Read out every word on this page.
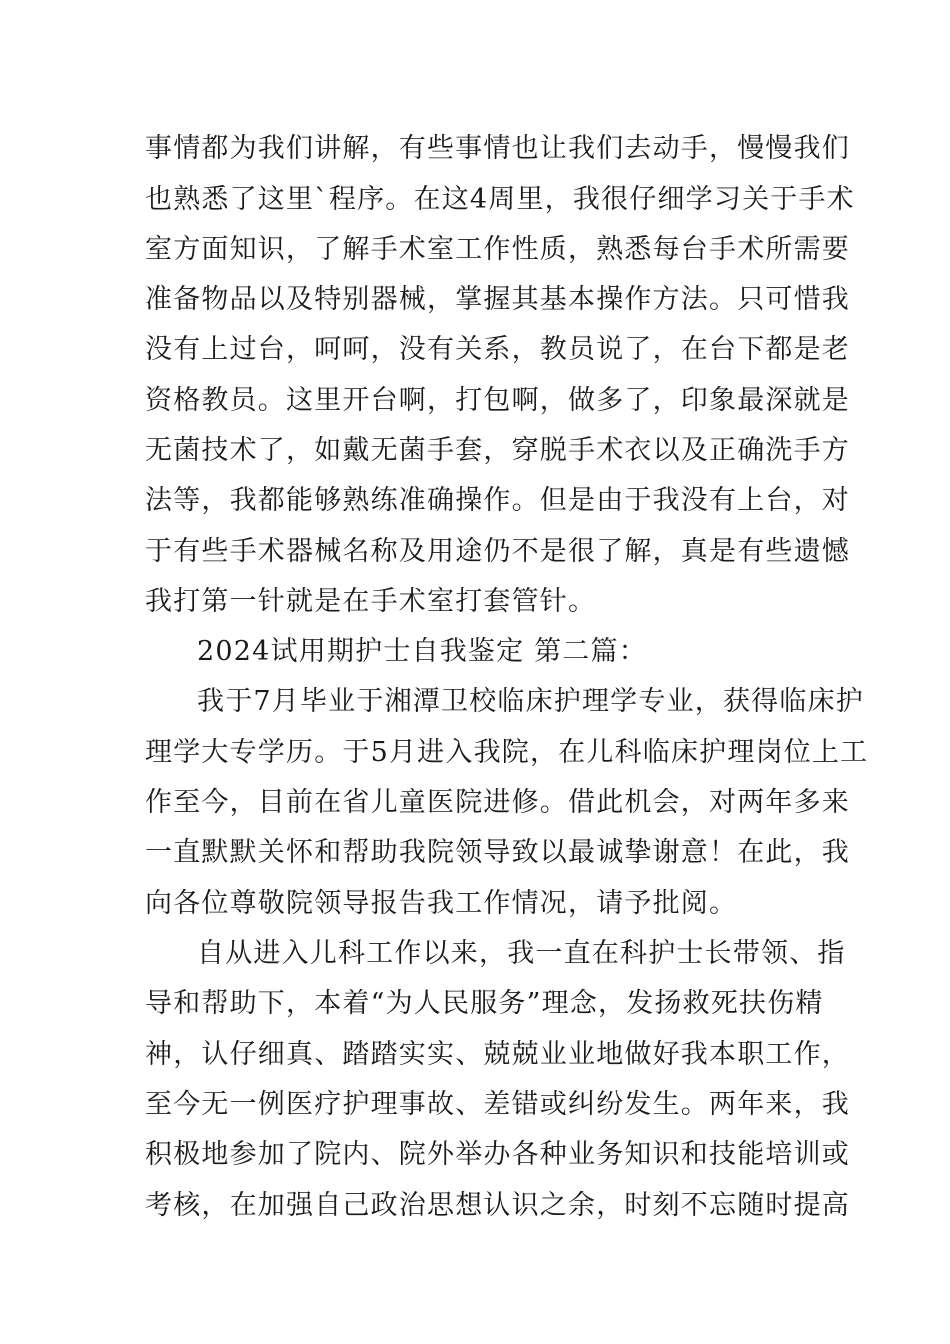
事情都为我们讲解，有些事情也让我们去动手，慢慢我们
也熟悉了这里`程序。在这4周里，我很仔细学习关于手术
室方面知识，了解手术室工作性质，熟悉每台手术所需要
准备物品以及特别器械，掌握其基本操作方法。只可惜我
没有上过台，呵呵，没有关系，教员说了，在台下都是老
资格教员。这里开台啊，打包啊，做多了，印象最深就是
无菌技术了，如戴无菌手套，穿脱手术衣以及正确洗手方
法等，我都能够熟练准确操作。但是由于我没有上台，对
于有些手术器械名称及用途仍不是很了解，真是有些遗憾
我打第一针就是在手术室打套管针。
2024试用期护士自我鉴定 第二篇：
我于7月毕业于湘潭卫校临床护理学专业，获得临床护
理学大专学历。于5月进入我院，在儿科临床护理岗位上工
作至今，目前在省儿童医院进修。借此机会，对两年多来
一直默默关怀和帮助我院领导致以最诚挚谢意！在此，我
向各位尊敬院领导报告我工作情况，请予批阅。
自从进入儿科工作以来，我一直在科护士长带领、指
导和帮助下，本着“为人民服务”理念，发扬救死扶伤精
神，认仔细真、踏踏实实、兢兢业业地做好我本职工作，
至今无一例医疗护理事故、差错或纠纷发生。两年来，我
积极地参加了院内、院外举办各种业务知识和技能培训或
考核，在加强自己政治思想认识之余，时刻不忘随时提高
